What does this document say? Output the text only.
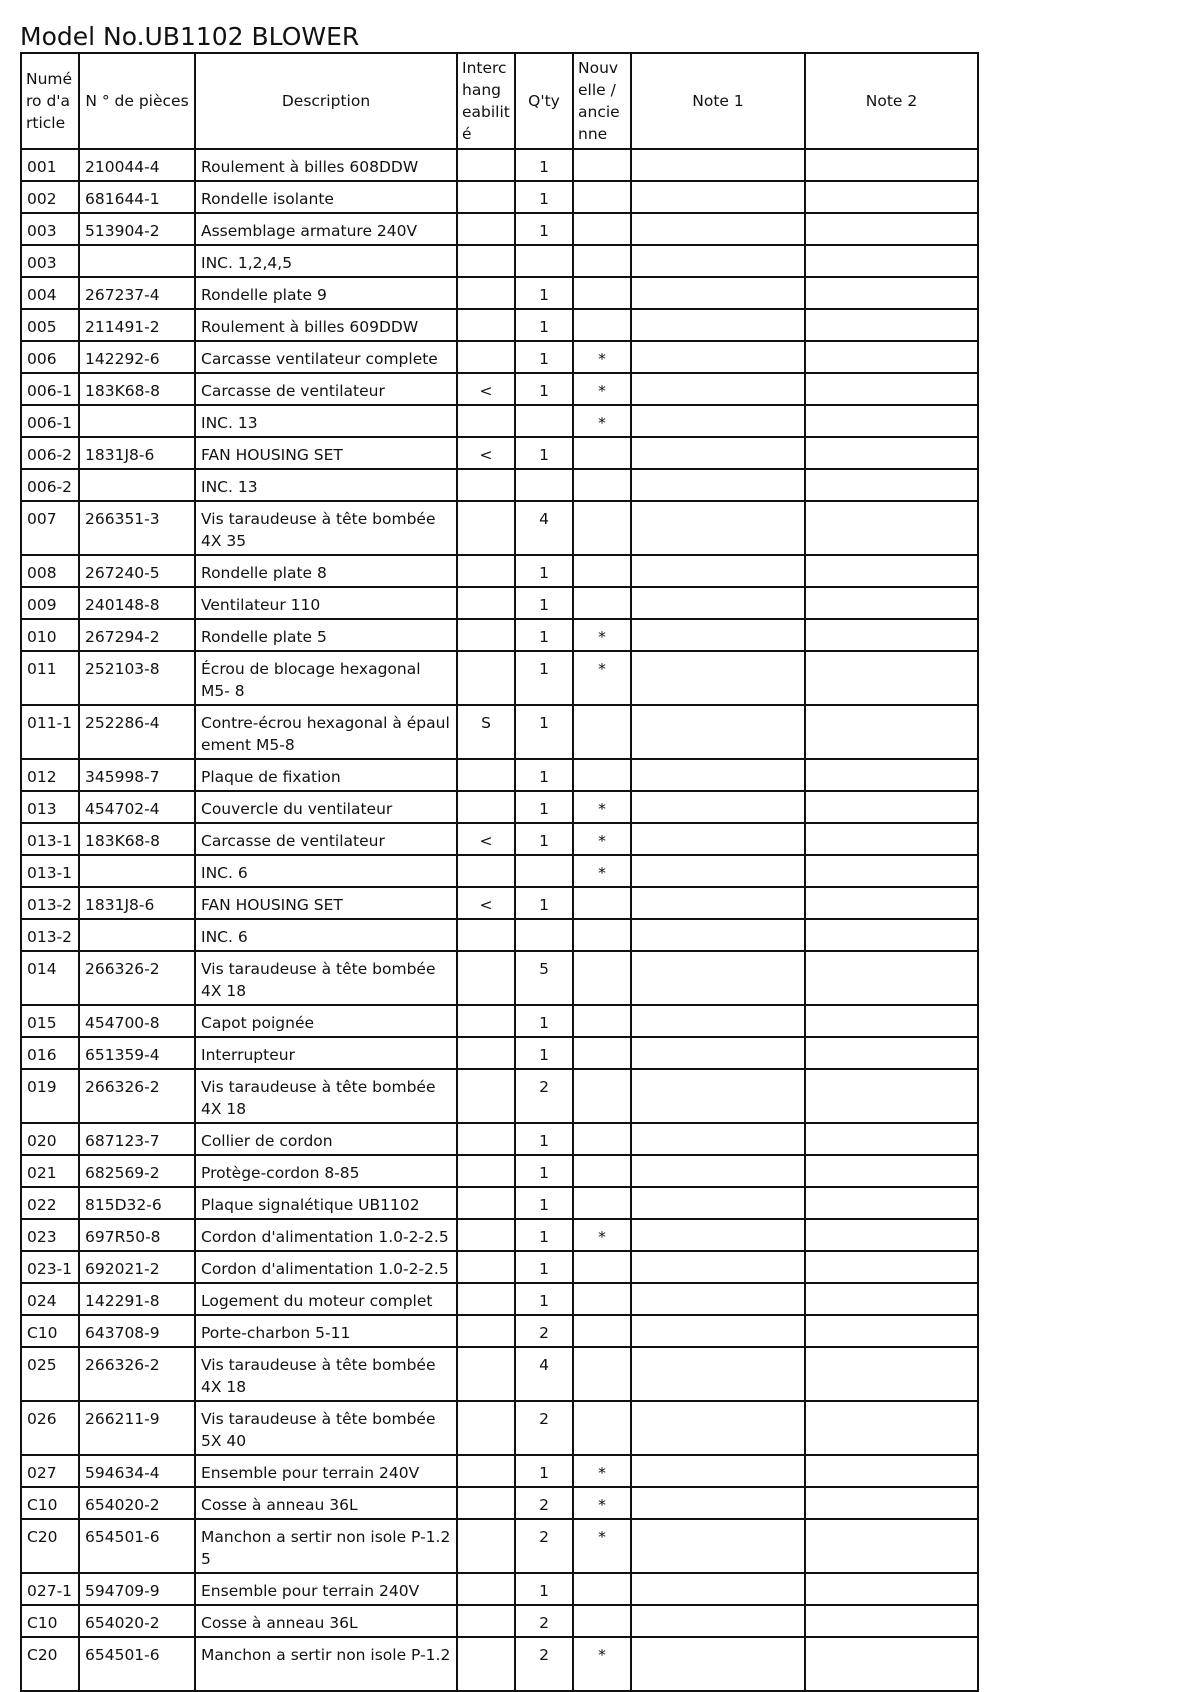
Model No.UB1102 BLOWER
Numé ro d'a rticle	N ° de pièces	Description	Interc hang eabilit é	Q'ty	Nouv elle / ancie nne	Note 1	Note 2
001	210044-4	Roulement à billes 608DDW		1			
002	681644-1	Rondelle isolante		1			
003	513904-2	Assemblage armature 240V		1			
003		INC. 1,2,4,5					
004	267237-4	Rondelle plate 9		1			
005	211491-2	Roulement à billes 609DDW		1			
006	142292-6	Carcasse ventilateur complete		1	*		
006-1	183K68-8	Carcasse de ventilateur	<	1	*		
006-1		INC. 13			*		
006-2	1831J8-6	FAN HOUSING SET	<	1			
006-2		INC. 13					
007	266351-3	Vis taraudeuse à tête bombée 4X 35		4			
008	267240-5	Rondelle plate 8		1			
009	240148-8	Ventilateur 110		1			
010	267294-2	Rondelle plate 5		1	*		
011	252103-8	Écrou de blocage hexagonal M5- 8		1	*		
011-1	252286-4	Contre-écrou hexagonal à épaul ement M5-8	S	1			
012	345998-7	Plaque de fixation		1			
013	454702-4	Couvercle du ventilateur		1	*		
013-1	183K68-8	Carcasse de ventilateur	<	1	*		
013-1		INC. 6			*		
013-2	1831J8-6	FAN HOUSING SET	<	1			
013-2		INC. 6					
014	266326-2	Vis taraudeuse à tête bombée 4X 18		5			
015	454700-8	Capot poignée		1			
016	651359-4	Interrupteur		1			
019	266326-2	Vis taraudeuse à tête bombée 4X 18		2			
020	687123-7	Collier de cordon		1			
021	682569-2	Protège-cordon 8-85		1			
022	815D32-6	Plaque signalétique UB1102		1			
023	697R50-8	Cordon d'alimentation 1.0-2-2.5		1	*		
023-1	692021-2	Cordon d'alimentation 1.0-2-2.5		1			
024	142291-8	Logement du moteur complet		1			
C10	643708-9	Porte-charbon 5-11		2			
025	266326-2	Vis taraudeuse à tête bombée 4X 18		4			
026	266211-9	Vis taraudeuse à tête bombée 5X 40		2			
027	594634-4	Ensemble pour terrain 240V		1	*		
C10	654020-2	Cosse à anneau 36L		2	*		
C20	654501-6	Manchon a sertir non isole P-1.2 5		2	*		
027-1	594709-9	Ensemble pour terrain 240V		1			
C10	654020-2	Cosse à anneau 36L		2			
C20	654501-6	Manchon a sertir non isole P-1.2		2	*		
